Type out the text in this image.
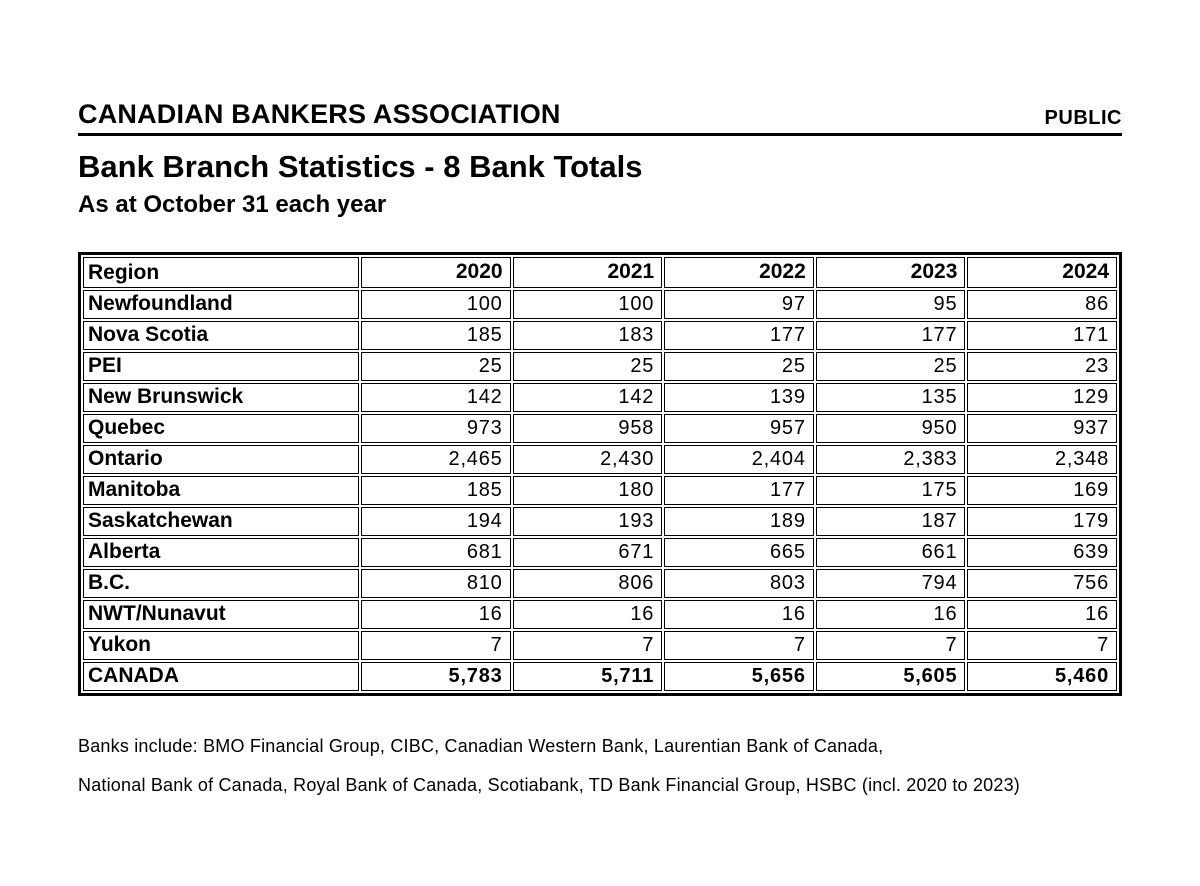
CANADIAN BANKERS ASSOCIATION	PUBLIC
Bank Branch Statistics - 8 Bank Totals
As at October 31 each year
Region	2020	2021	2022	2023	2024
Newfoundland	100	100	97	95	86
Nova Scotia	185	183	177	177	171
PEI	25	25	25	25	23
New Brunswick	142	142	139	135	129
Quebec	973	958	957	950	937
Ontario	2,465	2,430	2,404	2,383	2,348
Manitoba	185	180	177	175	169
Saskatchewan	194	193	189	187	179
Alberta	681	671	665	661	639
B.C.	810	806	803	794	756
NWT/Nunavut	16	16	16	16	16
Yukon	7	7	7	7	7
CANADA	5,783	5,711	5,656	5,605	5,460

Banks include: BMO Financial Group, CIBC, Canadian Western Bank, Laurentian Bank of Canada,

National Bank of Canada, Royal Bank of Canada, Scotiabank, TD Bank Financial Group, HSBC (incl. 2020 to 2023)
